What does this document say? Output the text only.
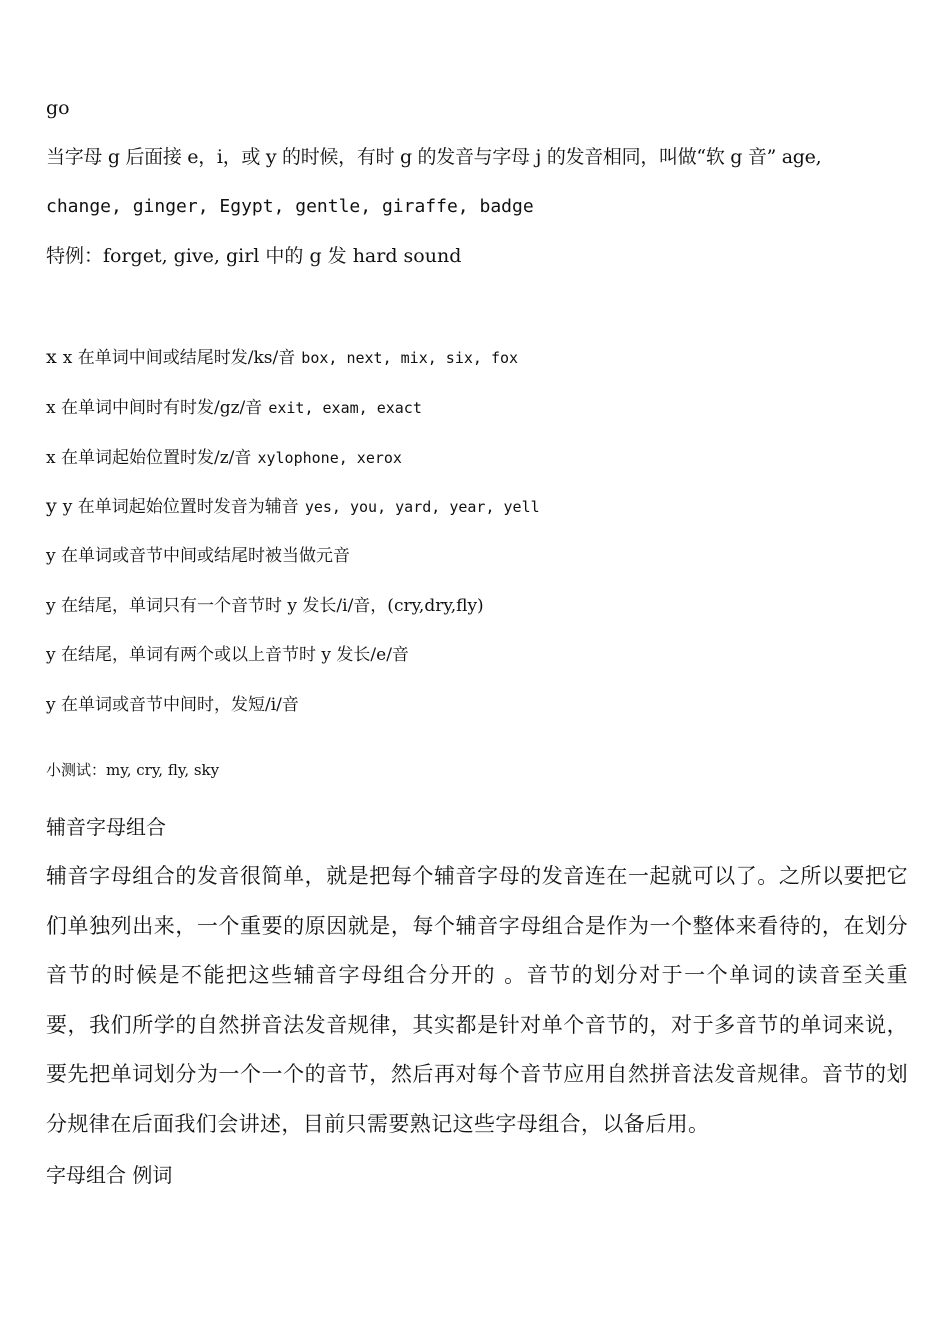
go
当字母 g 后面接 e，i，或 y 的时候，有时 g 的发音与字母 j 的发音相同，叫做“软 g 音” age,
change, ginger, Egypt, gentle, giraffe, badge
特例：forget, give, girl 中的 g 发 hard sound
x x 在单词中间或结尾时发/ks/音 box, next, mix, six, fox
x 在单词中间时有时发/gz/音 exit, exam, exact
x 在单词起始位置时发/z/音 xylophone, xerox
y y 在单词起始位置时发音为辅音 yes, you, yard, year, yell
y 在单词或音节中间或结尾时被当做元音
y 在结尾，单词只有一个音节时 y 发长/i/音，(cry,dry,fly)
y 在结尾，单词有两个或以上音节时 y 发长/e/音
y 在单词或音节中间时，发短/i/音
小测试：my, cry, fly, sky
辅音字母组合
辅音字母组合的发音很简单，就是把每个辅音字母的发音连在一起就可以了。之所以要把它们单独列出来，一个重要的原因就是，每个辅音字母组合是作为一个整体来看待的，在划分音节的时候是不能把这些辅音字母组合分开的 。音节的划分对于一个单词的读音至关重要，我们所学的自然拼音法发音规律，其实都是针对单个音节的，对于多音节的单词来说，要先把单词划分为一个一个的音节，然后再对每个音节应用自然拼音法发音规律。音节的划分规律在后面我们会讲述，目前只需要熟记这些字母组合，以备后用。
字母组合 例词
